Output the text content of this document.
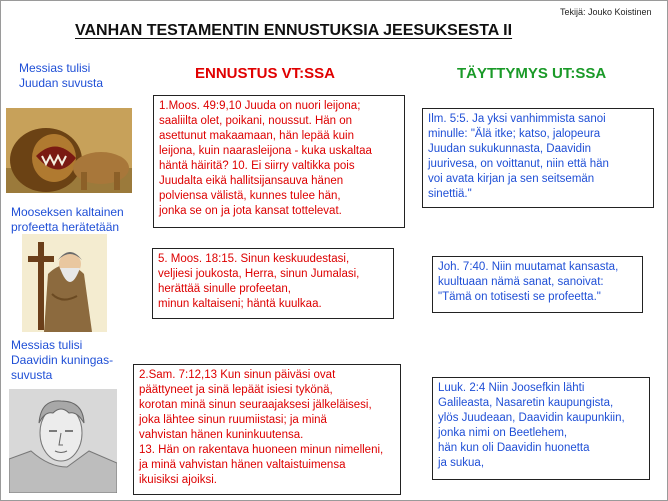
Tekijä: Jouko Koistinen
VANHAN TESTAMENTIN ENNUSTUKSIA JEESUKSESTA II
ENNUSTUS VT:SSA	TÄYTTYMYS UT:SSA
Messias tulisi
Juudan suvusta

1.Moos. 49:9,10 Juuda on nuori leijona;
saaliilta olet, poikani, noussut. Hän on
asettunut makaamaan, hän lepää kuin
leijona, kuin naarasleijona - kuka uskaltaa
häntä häiritä? 10. Ei siirry valtikka pois
Juudalta eikä hallitsijansauva hänen
polviensa välistä, kunnes tulee hän,
jonka se on ja jota kansat tottelevat.

Ilm. 5:5. Ja yksi vanhimmista sanoi
minulle: "Älä itke; katso, jalopeura
Juudan sukukunnasta, Daavidin
juurivesa, on voittanut, niin että hän
voi avata kirjan ja sen seitsemän
sinettiä."

Mooseksen kaltainen
profeetta herätetään

5. Moos. 18:15. Sinun keskuudestasi,
veljiesi joukosta, Herra, sinun Jumalasi,
herättää sinulle profeetan,
minun kaltaiseni; häntä kuulkaa.

Joh. 7:40. Niin muutamat kansasta,
kuultuaan nämä sanat, sanoivat:
"Tämä on totisesti se profeetta."

Messias tulisi
Daavidin kuningas-
suvusta	2.Sam. 7:12,13 Kun sinun päiväsi ovat
päättyneet ja sinä lepäät isiesi tykönä,
korotan minä sinun seuraajaksesi jälkeläisesi,
joka lähtee sinun ruumiistasi; ja minä
vahvistan hänen kuninkuutensa.
13. Hän on rakentava huoneen minun nimelleni,
ja minä vahvistan hänen valtaistuimensa
ikuisiksi ajoiksi.

Luuk. 2:4 Niin Joosefkin lähti
Galileasta, Nasaretin kaupungista,
ylös Juudeaan, Daavidin kaupunkiin,
jonka nimi on Beetlehem,
hän kun oli Daavidin huonetta
ja sukua,
